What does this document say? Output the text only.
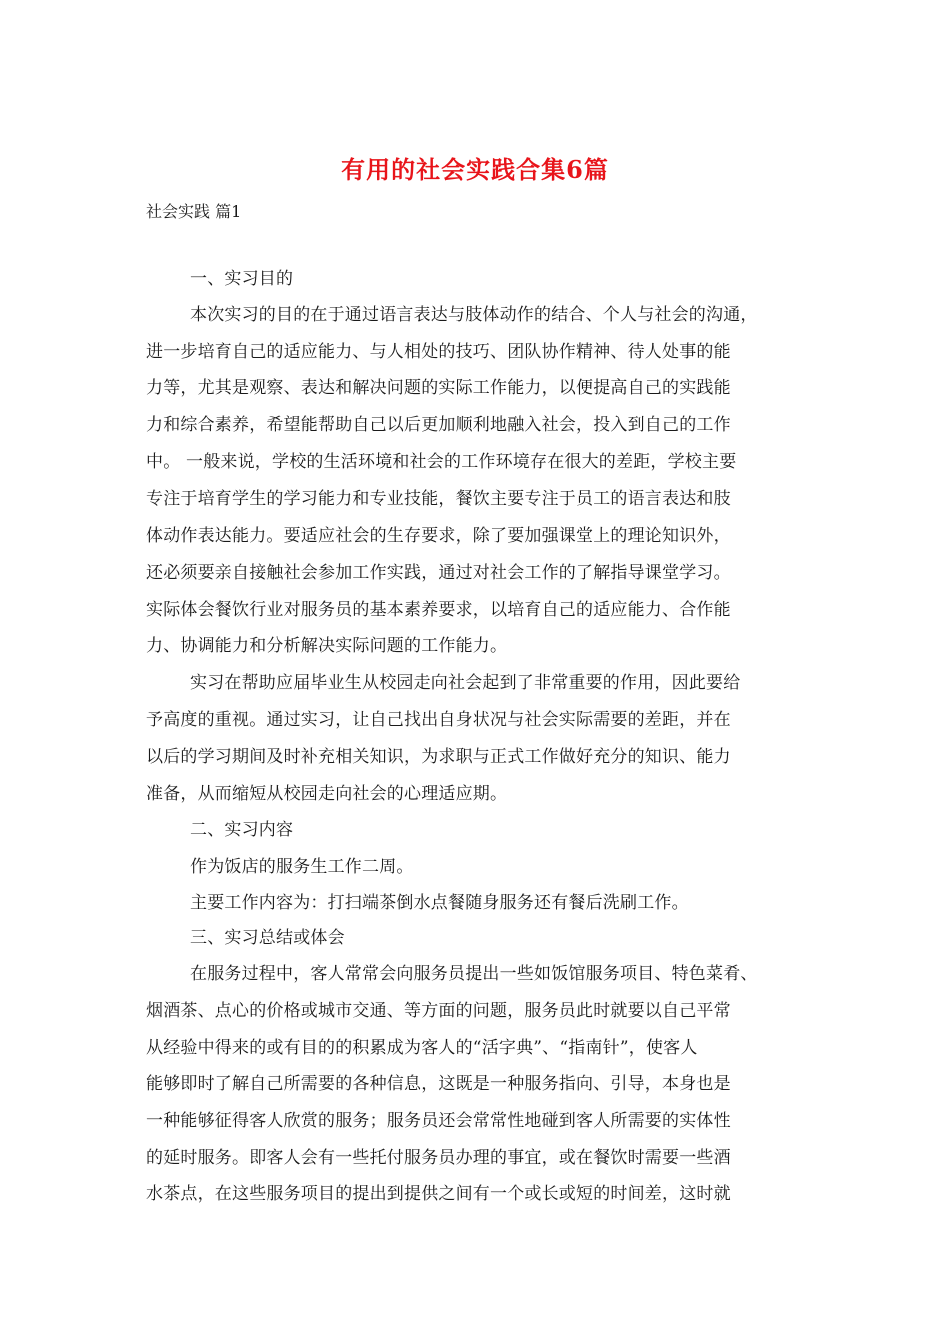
有用的社会实践合集6篇
社会实践 篇1
一、实习目的
本次实习的目的在于通过语言表达与肢体动作的结合、个人与社会的沟通，
进一步培育自己的适应能力、与人相处的技巧、团队协作精神、待人处事的能
力等，尤其是观察、表达和解决问题的实际工作能力，以便提高自己的实践能
力和综合素养，希望能帮助自己以后更加顺利地融入社会，投入到自己的工作
中。 一般来说，学校的生活环境和社会的工作环境存在很大的差距，学校主要
专注于培育学生的学习能力和专业技能，餐饮主要专注于员工的语言表达和肢
体动作表达能力。要适应社会的生存要求，除了要加强课堂上的理论知识外，
还必须要亲自接触社会参加工作实践，通过对社会工作的了解指导课堂学习。
实际体会餐饮行业对服务员的基本素养要求，以培育自己的适应能力、合作能
力、协调能力和分析解决实际问题的工作能力。
实习在帮助应届毕业生从校园走向社会起到了非常重要的作用，因此要给
予高度的重视。通过实习，让自己找出自身状况与社会实际需要的差距，并在
以后的学习期间及时补充相关知识，为求职与正式工作做好充分的知识、能力
准备，从而缩短从校园走向社会的心理适应期。
二、实习内容
作为饭店的服务生工作二周。
主要工作内容为：打扫端茶倒水点餐随身服务还有餐后洗刷工作。
三、实习总结或体会
在服务过程中，客人常常会向服务员提出一些如饭馆服务项目、特色菜肴、
烟酒茶、点心的价格或城市交通、等方面的问题，服务员此时就要以自己平常
从经验中得来的或有目的的积累成为客人的“活字典”、“指南针”，使客人
能够即时了解自己所需要的各种信息，这既是一种服务指向、引导，本身也是
一种能够征得客人欣赏的服务；服务员还会常常性地碰到客人所需要的实体性
的延时服务。即客人会有一些托付服务员办理的事宜，或在餐饮时需要一些酒
水茶点，在这些服务项目的提出到提供之间有一个或长或短的时间差，这时就
